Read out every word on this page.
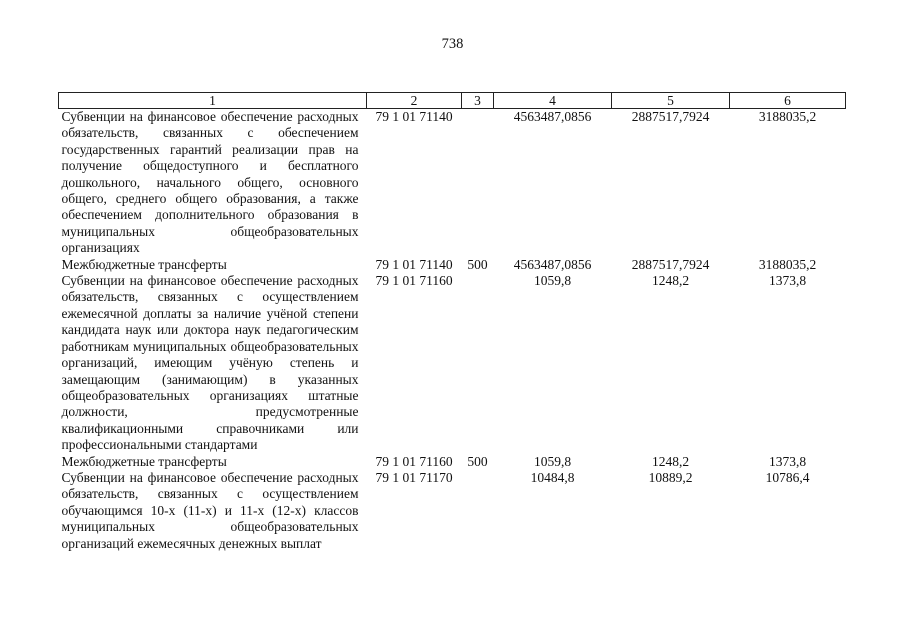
738
1	2	3	4	5	6
Субвенции на финансовое обеспечение расходных обязательств, связанных с обеспечением государственных гарантий реализации прав на получение общедоступного и бесплатного дошкольного, начального общего, основного общего, среднего общего образования, а также обеспечением дополнительного образования в муниципальных общеобразовательных организациях	79 1 01 71140		4563487,0856	2887517,7924	3188035,2
Межбюджетные трансферты	79 1 01 71140	500	4563487,0856	2887517,7924	3188035,2
Субвенции на финансовое обеспечение расходных обязательств, связанных с осуществлением ежемесячной доплаты за наличие учёной степени кандидата наук или доктора наук педагогическим работникам муниципальных общеобразовательных организаций, имеющим учёную степень и замещающим (занимающим) в указанных общеобразовательных организациях штатные должности, предусмотренные квалификационными справочниками или профессиональными стандартами	79 1 01 71160		1059,8	1248,2	1373,8
Межбюджетные трансферты	79 1 01 71160	500	1059,8	1248,2	1373,8
Субвенции на финансовое обеспечение расходных обязательств, связанных с осуществлением обучающимся 10-х (11-х) и 11-х (12-х) классов муниципальных общеобразовательных организаций ежемесячных денежных выплат	79 1 01 71170		10484,8	10889,2	10786,4
